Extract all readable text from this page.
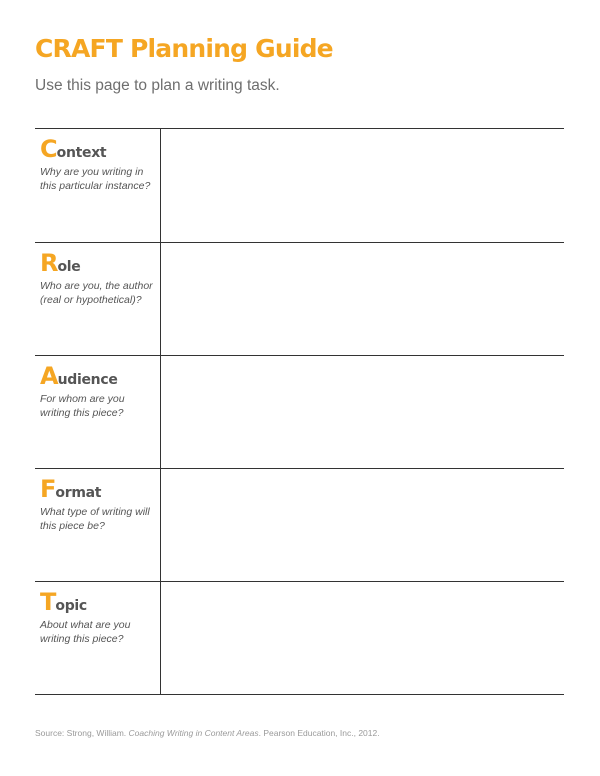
CRAFT Planning Guide

Use this page to plan a writing task.

Context
Why are you writing in this particular instance?
Role
Who are you, the author (real or hypothetical)?
Audience
For whom are you writing this piece?
Format
What type of writing will this piece be?
Topic
About what are you writing this piece?
Source: Strong, William. Coaching Writing in Content Areas. Pearson Education, Inc., 2012.
